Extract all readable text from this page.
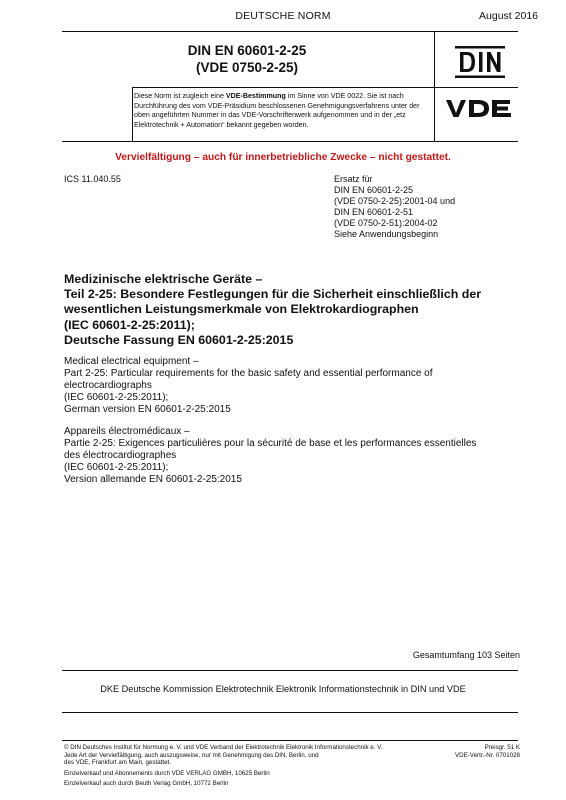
DEUTSCHE NORM	August 2016
DIN EN 60601-2-25
(VDE 0750-2-25)
Diese Norm ist zugleich eine VDE-Bestimmung im Sinne von VDE 0022. Sie ist nach Durchführung des vom VDE-Präsidium beschlossenen Genehmigungsverfahrens unter der oben angeführten Nummer in das VDE-Vorschriftenwerk aufgenommen und in der „etz Elektrotechnik + Automation“ bekannt gegeben worden.
Vervielfältigung – auch für innerbetriebliche Zwecke – nicht gestattet.
ICS 11.040.55	Ersatz für
DIN EN 60601-2-25
(VDE 0750-2-25):2001-04 und
DIN EN 60601-2-51
(VDE 0750-2-51):2004-02
Siehe Anwendungsbeginn
Medizinische elektrische Geräte –
Teil 2-25: Besondere Festlegungen für die Sicherheit einschließlich der
wesentlichen Leistungsmerkmale von Elektrokardiographen
(IEC 60601-2-25:2011);
Deutsche Fassung EN 60601-2-25:2015
Medical electrical equipment –
Part 2-25: Particular requirements for the basic safety and essential performance of
electrocardiographs
(IEC 60601-2-25:2011);
German version EN 60601-2-25:2015
Appareils électromédicaux –
Partie 2-25: Exigences particulières pour la sécurité de base et les performances essentielles
des électrocardiographes
(IEC 60601-2-25:2011);
Version allemande EN 60601-2-25:2015
Gesamtumfang 103 Seiten
DKE Deutsche Kommission Elektrotechnik Elektronik Informationstechnik in DIN und VDE
© DIN Deutsches Institut für Normung e. V. und VDE Verband der Elektrotechnik Elektronik Informationstechnik e. V.
Jede Art der Vervielfältigung, auch auszugsweise, nur mit Genehmigung des DIN, Berlin, und
des VDE, Frankfurt am Main, gestattet.
Preisgr. 51 K
VDE-Vertr.-Nr. 0701028
Einzelverkauf und Abonnements durch VDE VERLAG GMBH, 10625 Berlin
Einzelverkauf auch durch Beuth Verlag GmbH, 10772 Berlin
